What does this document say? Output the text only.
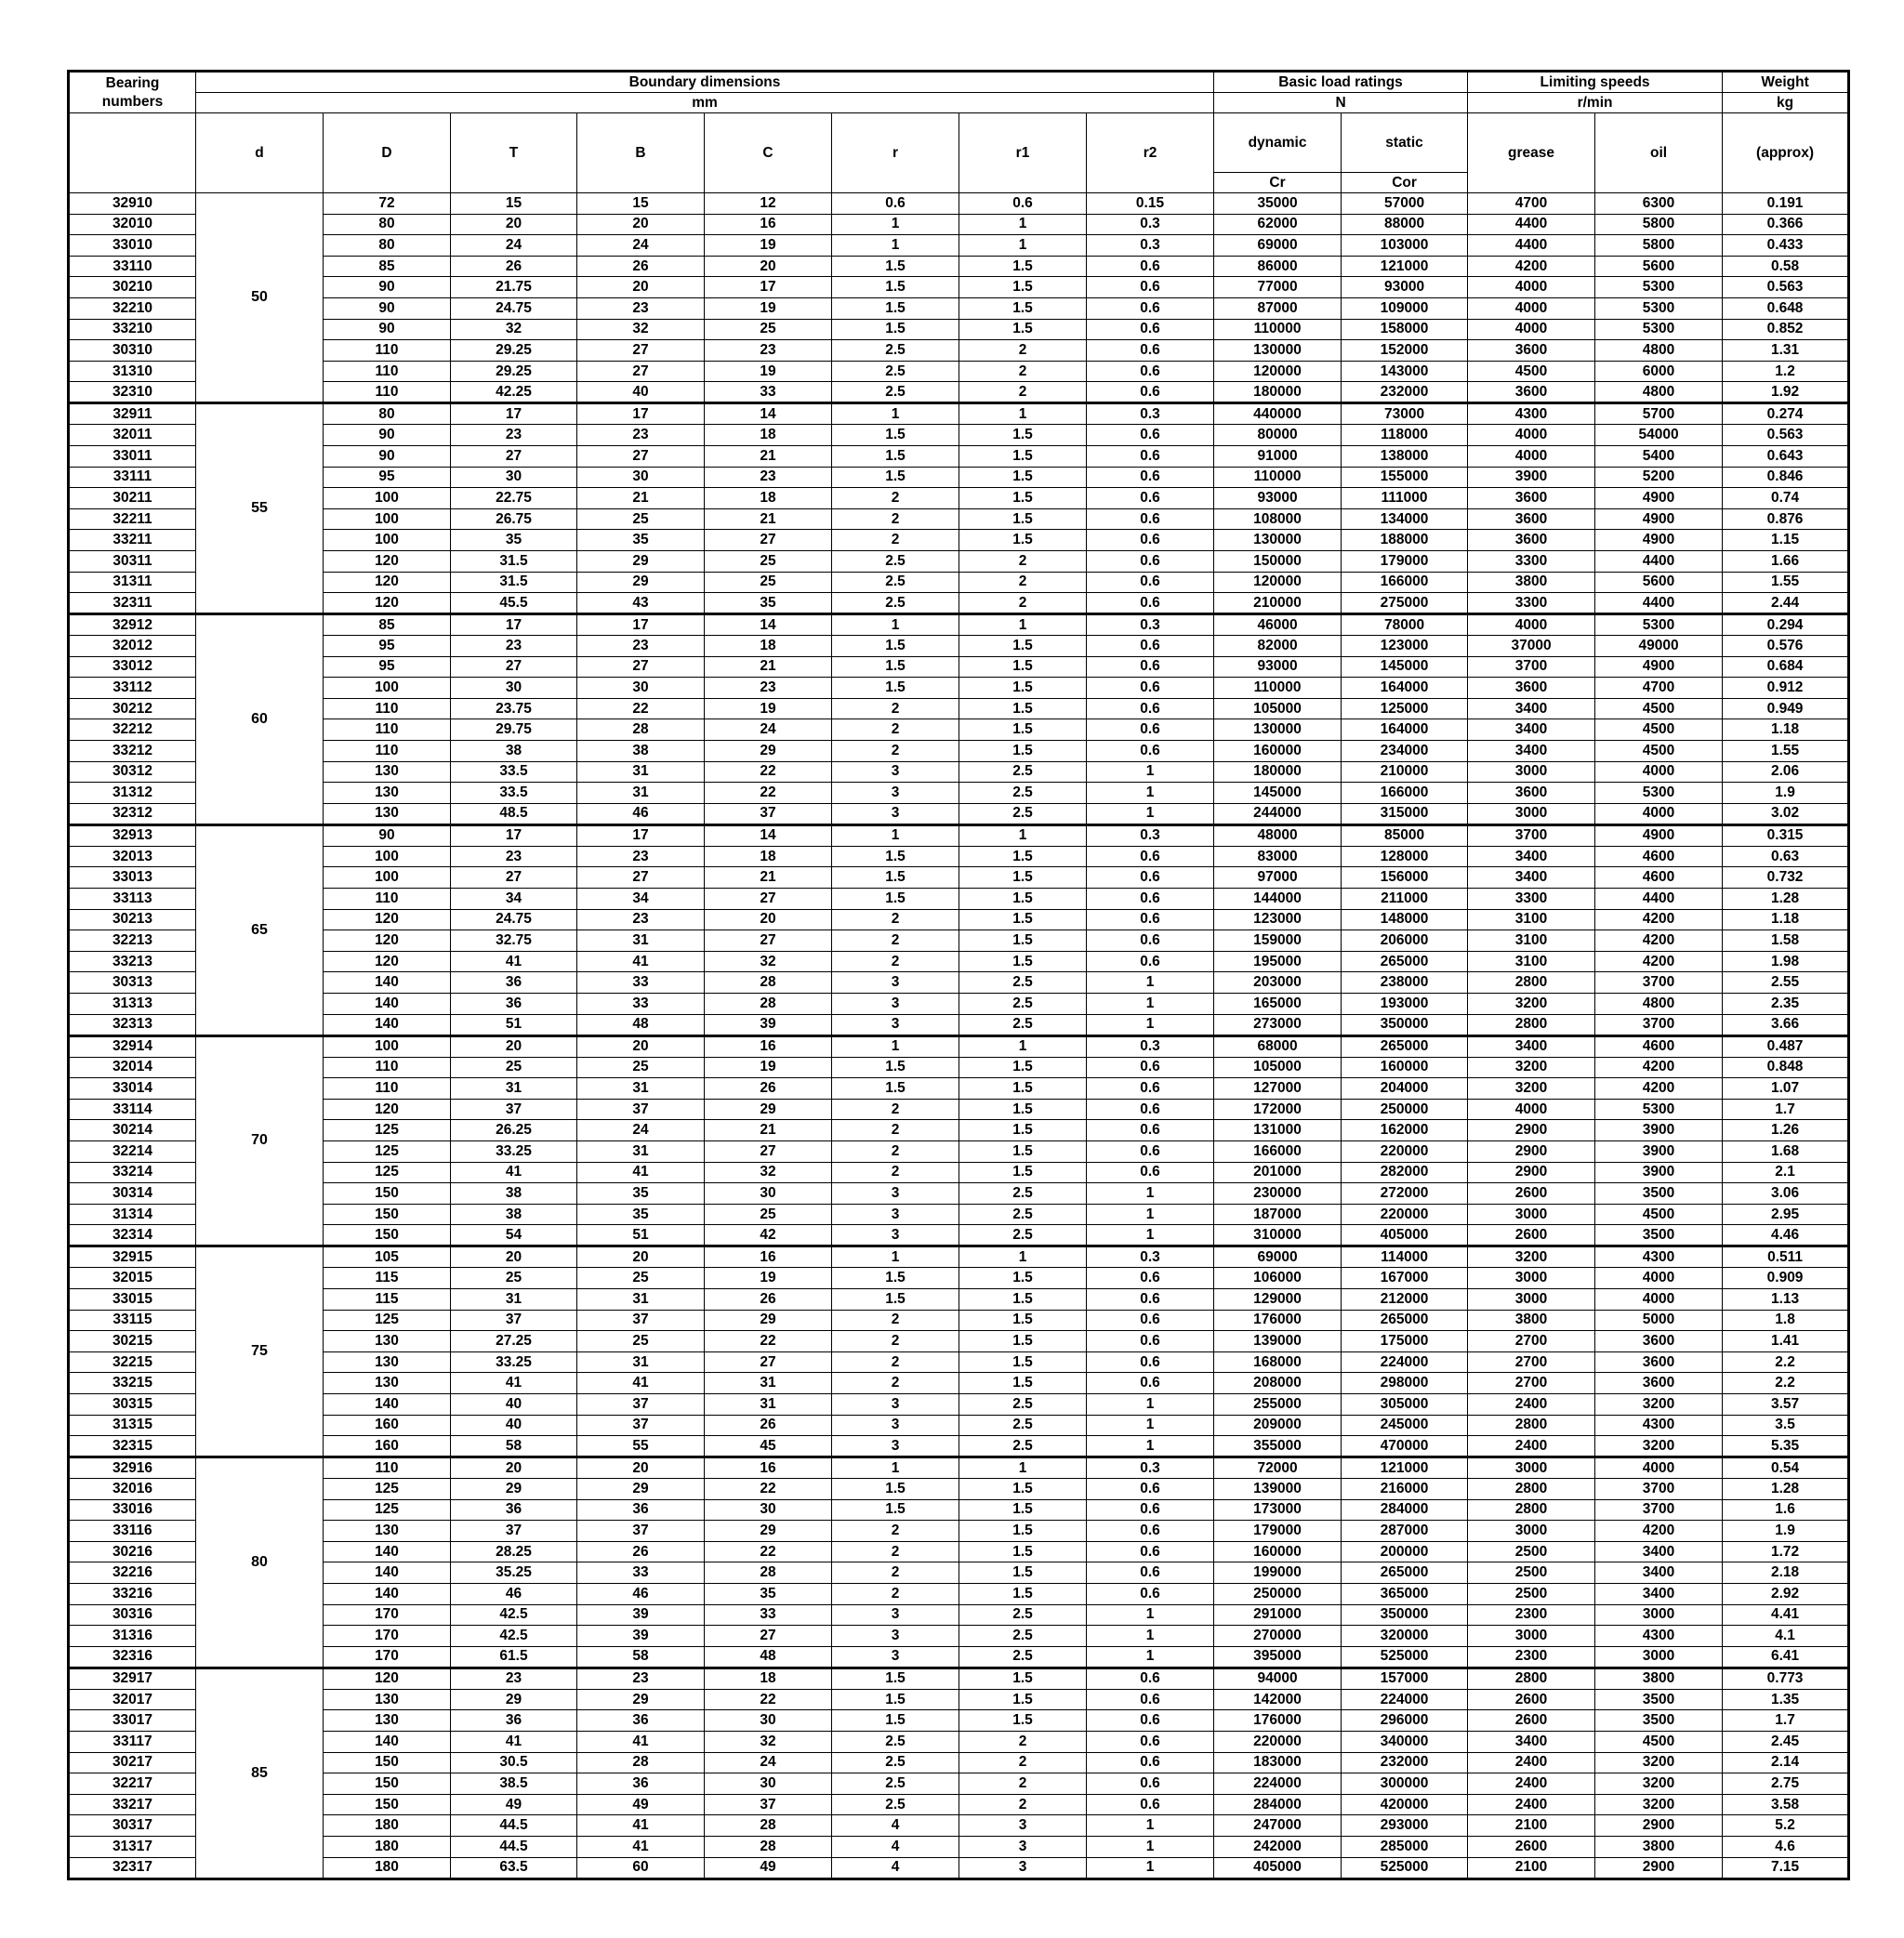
Bearing
numbers	Boundary dimensions								Basic load ratings		Limiting speeds		Weight
	mm								N		r/min		kg
	d	D	T	B	C	r	r1	r2	dynamic	static	grease	oil	(approx)
									Cr	Cor			
32910	50	72	15	15	12	0.6	0.6	0.15	35000	57000	4700	6300	0.191
32010		80	20	20	16	1	1	0.3	62000	88000	4400	5800	0.366
33010		80	24	24	19	1	1	0.3	69000	103000	4400	5800	0.433
33110		85	26	26	20	1.5	1.5	0.6	86000	121000	4200	5600	0.58
30210		90	21.75	20	17	1.5	1.5	0.6	77000	93000	4000	5300	0.563
32210		90	24.75	23	19	1.5	1.5	0.6	87000	109000	4000	5300	0.648
33210		90	32	32	25	1.5	1.5	0.6	110000	158000	4000	5300	0.852
30310		110	29.25	27	23	2.5	2	0.6	130000	152000	3600	4800	1.31
31310		110	29.25	27	19	2.5	2	0.6	120000	143000	4500	6000	1.2
32310		110	42.25	40	33	2.5	2	0.6	180000	232000	3600	4800	1.92
32911	55	80	17	17	14	1	1	0.3	440000	73000	4300	5700	0.274
32011		90	23	23	18	1.5	1.5	0.6	80000	118000	4000	54000	0.563
33011		90	27	27	21	1.5	1.5	0.6	91000	138000	4000	5400	0.643
33111		95	30	30	23	1.5	1.5	0.6	110000	155000	3900	5200	0.846
30211		100	22.75	21	18	2	1.5	0.6	93000	111000	3600	4900	0.74
32211		100	26.75	25	21	2	1.5	0.6	108000	134000	3600	4900	0.876
33211		100	35	35	27	2	1.5	0.6	130000	188000	3600	4900	1.15
30311		120	31.5	29	25	2.5	2	0.6	150000	179000	3300	4400	1.66
31311		120	31.5	29	25	2.5	2	0.6	120000	166000	3800	5600	1.55
32311		120	45.5	43	35	2.5	2	0.6	210000	275000	3300	4400	2.44
32912	60	85	17	17	14	1	1	0.3	46000	78000	4000	5300	0.294
32012		95	23	23	18	1.5	1.5	0.6	82000	123000	37000	49000	0.576
33012		95	27	27	21	1.5	1.5	0.6	93000	145000	3700	4900	0.684
33112		100	30	30	23	1.5	1.5	0.6	110000	164000	3600	4700	0.912
30212		110	23.75	22	19	2	1.5	0.6	105000	125000	3400	4500	0.949
32212		110	29.75	28	24	2	1.5	0.6	130000	164000	3400	4500	1.18
33212		110	38	38	29	2	1.5	0.6	160000	234000	3400	4500	1.55
30312		130	33.5	31	22	3	2.5	1	180000	210000	3000	4000	2.06
31312		130	33.5	31	22	3	2.5	1	145000	166000	3600	5300	1.9
32312		130	48.5	46	37	3	2.5	1	244000	315000	3000	4000	3.02
32913	65	90	17	17	14	1	1	0.3	48000	85000	3700	4900	0.315
32013		100	23	23	18	1.5	1.5	0.6	83000	128000	3400	4600	0.63
33013		100	27	27	21	1.5	1.5	0.6	97000	156000	3400	4600	0.732
33113		110	34	34	27	1.5	1.5	0.6	144000	211000	3300	4400	1.28
30213		120	24.75	23	20	2	1.5	0.6	123000	148000	3100	4200	1.18
32213		120	32.75	31	27	2	1.5	0.6	159000	206000	3100	4200	1.58
33213		120	41	41	32	2	1.5	0.6	195000	265000	3100	4200	1.98
30313		140	36	33	28	3	2.5	1	203000	238000	2800	3700	2.55
31313		140	36	33	28	3	2.5	1	165000	193000	3200	4800	2.35
32313		140	51	48	39	3	2.5	1	273000	350000	2800	3700	3.66
32914	70	100	20	20	16	1	1	0.3	68000	265000	3400	4600	0.487
32014		110	25	25	19	1.5	1.5	0.6	105000	160000	3200	4200	0.848
33014		110	31	31	26	1.5	1.5	0.6	127000	204000	3200	4200	1.07
33114		120	37	37	29	2	1.5	0.6	172000	250000	4000	5300	1.7
30214		125	26.25	24	21	2	1.5	0.6	131000	162000	2900	3900	1.26
32214		125	33.25	31	27	2	1.5	0.6	166000	220000	2900	3900	1.68
33214		125	41	41	32	2	1.5	0.6	201000	282000	2900	3900	2.1
30314		150	38	35	30	3	2.5	1	230000	272000	2600	3500	3.06
31314		150	38	35	25	3	2.5	1	187000	220000	3000	4500	2.95
32314		150	54	51	42	3	2.5	1	310000	405000	2600	3500	4.46
32915	75	105	20	20	16	1	1	0.3	69000	114000	3200	4300	0.511
32015		115	25	25	19	1.5	1.5	0.6	106000	167000	3000	4000	0.909
33015		115	31	31	26	1.5	1.5	0.6	129000	212000	3000	4000	1.13
33115		125	37	37	29	2	1.5	0.6	176000	265000	3800	5000	1.8
30215		130	27.25	25	22	2	1.5	0.6	139000	175000	2700	3600	1.41
32215		130	33.25	31	27	2	1.5	0.6	168000	224000	2700	3600	2.2
33215		130	41	41	31	2	1.5	0.6	208000	298000	2700	3600	2.2
30315		140	40	37	31	3	2.5	1	255000	305000	2400	3200	3.57
31315		160	40	37	26	3	2.5	1	209000	245000	2800	4300	3.5
32315		160	58	55	45	3	2.5	1	355000	470000	2400	3200	5.35
32916	80	110	20	20	16	1	1	0.3	72000	121000	3000	4000	0.54
32016		125	29	29	22	1.5	1.5	0.6	139000	216000	2800	3700	1.28
33016		125	36	36	30	1.5	1.5	0.6	173000	284000	2800	3700	1.6
33116		130	37	37	29	2	1.5	0.6	179000	287000	3000	4200	1.9
30216		140	28.25	26	22	2	1.5	0.6	160000	200000	2500	3400	1.72
32216		140	35.25	33	28	2	1.5	0.6	199000	265000	2500	3400	2.18
33216		140	46	46	35	2	1.5	0.6	250000	365000	2500	3400	2.92
30316		170	42.5	39	33	3	2.5	1	291000	350000	2300	3000	4.41
31316		170	42.5	39	27	3	2.5	1	270000	320000	3000	4300	4.1
32316		170	61.5	58	48	3	2.5	1	395000	525000	2300	3000	6.41
32917	85	120	23	23	18	1.5	1.5	0.6	94000	157000	2800	3800	0.773
32017		130	29	29	22	1.5	1.5	0.6	142000	224000	2600	3500	1.35
33017		130	36	36	30	1.5	1.5	0.6	176000	296000	2600	3500	1.7
33117		140	41	41	32	2.5	2	0.6	220000	340000	3400	4500	2.45
30217		150	30.5	28	24	2.5	2	0.6	183000	232000	2400	3200	2.14
32217		150	38.5	36	30	2.5	2	0.6	224000	300000	2400	3200	2.75
33217		150	49	49	37	2.5	2	0.6	284000	420000	2400	3200	3.58
30317		180	44.5	41	28	4	3	1	247000	293000	2100	2900	5.2
31317		180	44.5	41	28	4	3	1	242000	285000	2600	3800	4.6
32317		180	63.5	60	49	4	3	1	405000	525000	2100	2900	7.15
